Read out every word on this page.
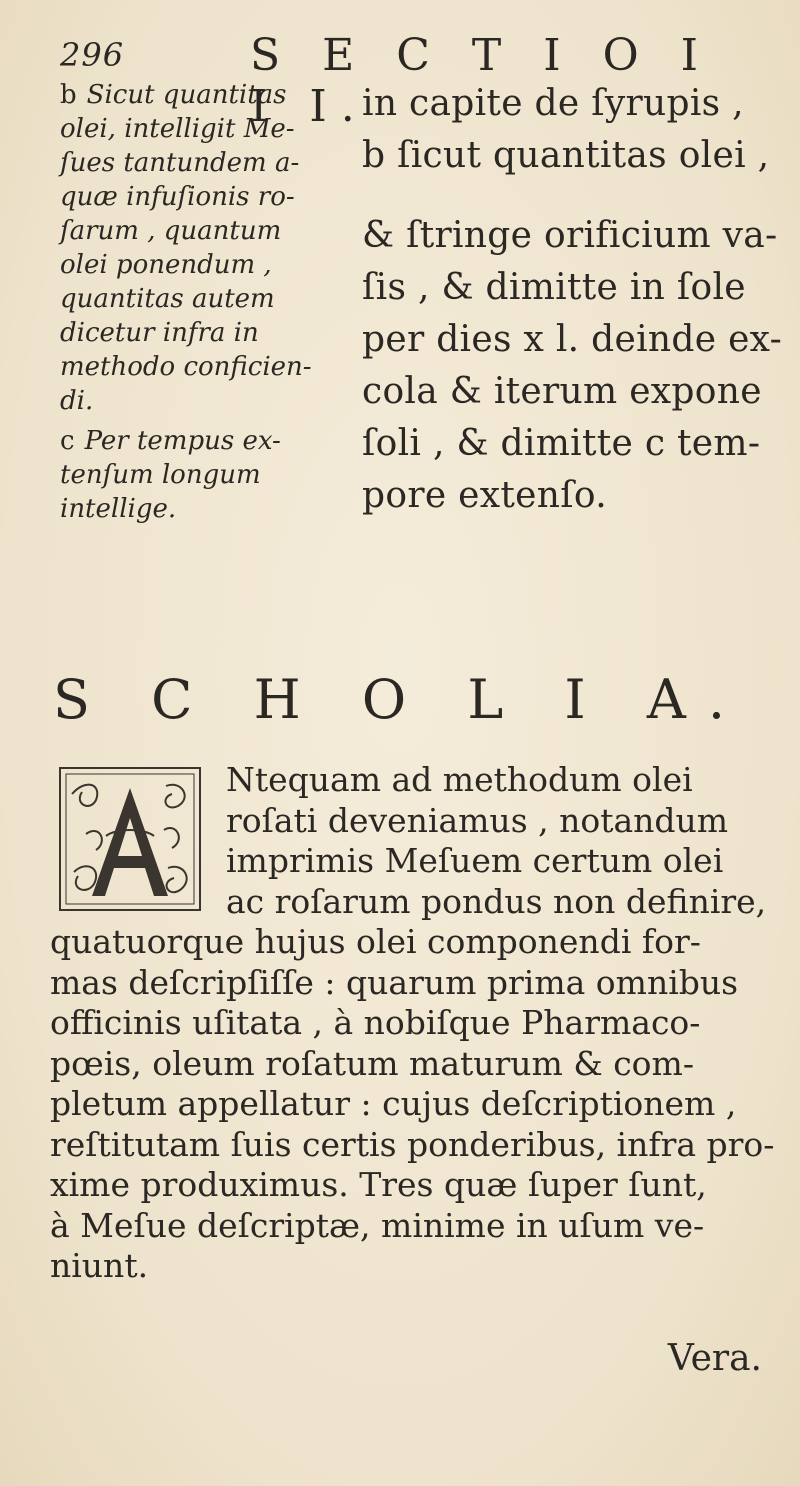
296	S E C T I O I I I.
b Sicut quantitas
olei, intelligit Me-
ſues tantundem a-
quæ infuſionis ro-
ſarum , quantum
olei ponendum ,
quantitas autem
dicetur infra in
methodo conficien-
di.
c Per tempus ex-
tenſum longum
intellige.
in capite de ſyrupis ,
b ſicut quantitas olei ,
& ſtringe orificium va-
ſis , & dimitte in ſole
per dies x l. deinde ex-
cola & iterum expone
ſoli , & dimitte c tem-
pore extenſo.
S C H O L I A.
Ntequam ad methodum olei
roſati deveniamus , notandum
imprimis Meſuem certum olei
ac roſarum pondus non definire,
quatuorque hujus olei componendi for-
mas deſcripſiſſe : quarum prima omnibus
officinis uſitata , à nobiſque Pharmaco-
pœis, oleum roſatum maturum & com-
pletum appellatur : cujus deſcriptionem ,
reſtitutam ſuis certis ponderibus, infra pro-
xime produximus. Tres quæ ſuper ſunt,
à Meſue deſcriptæ, minime in uſum ve-
niunt.
Vera.
